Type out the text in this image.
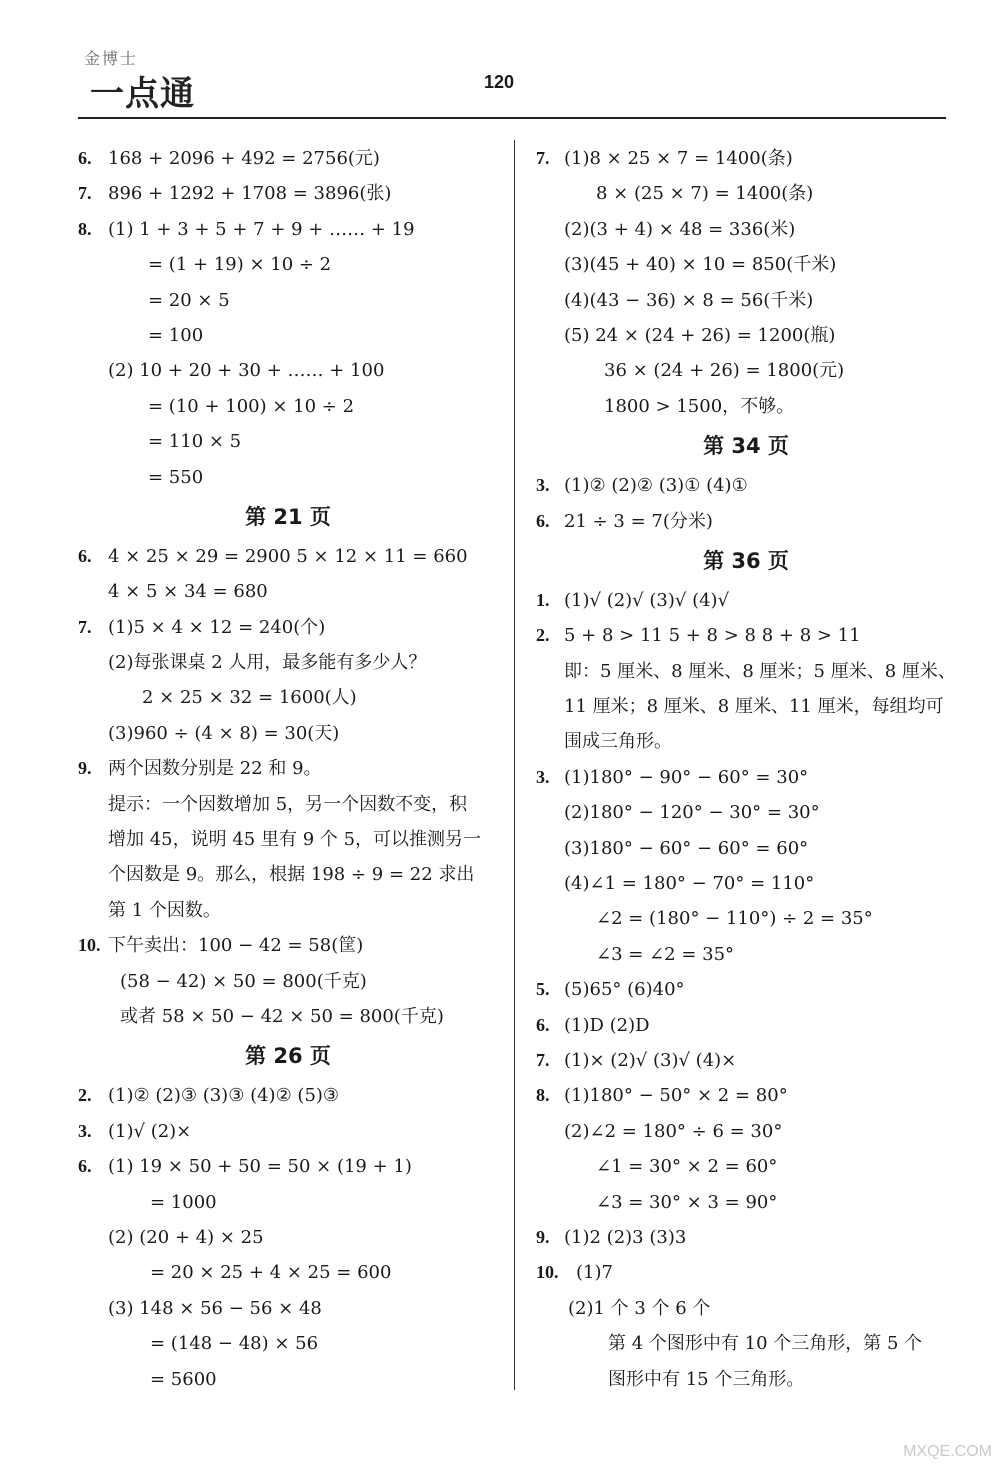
金博士
一点通	120
6. 168 + 2096 + 492 = 2756(元)
7. 896 + 1292 + 1708 = 3896(张)
8. (1) 1 + 3 + 5 + 7 + 9 + …… + 19
= (1 + 19) × 10 ÷ 2
= 20 × 5
= 100
(2) 10 + 20 + 30 + …… + 100
= (10 + 100) × 10 ÷ 2
= 110 × 5
= 550
第 21 页
6. 4 × 25 × 29 = 2900 5 × 12 × 11 = 660
4 × 5 × 34 = 680
7. (1)5 × 4 × 12 = 240(个)
(2)每张课桌 2 人用，最多能有多少人？
2 × 25 × 32 = 1600(人)
(3)960 ÷ (4 × 8) = 30(天)
9. 两个因数分别是 22 和 9。
提示：一个因数增加 5，另一个因数不变，积
增加 45，说明 45 里有 9 个 5，可以推测另一
个因数是 9。那么，根据 198 ÷ 9 = 22 求出
第 1 个因数。
10. 下午卖出：100 − 42 = 58(筐)
(58 − 42) × 50 = 800(千克)
或者 58 × 50 − 42 × 50 = 800(千克)
第 26 页
2. (1)② (2)③ (3)③ (4)② (5)③
3. (1)√ (2)×
6. (1) 19 × 50 + 50 = 50 × (19 + 1)
= 1000
(2) (20 + 4) × 25
= 20 × 25 + 4 × 25 = 600
(3) 148 × 56 − 56 × 48
= (148 − 48) × 56
= 5600
7. (1)8 × 25 × 7 = 1400(条)
8 × (25 × 7) = 1400(条)
(2)(3 + 4) × 48 = 336(米)
(3)(45 + 40) × 10 = 850(千米)
(4)(43 − 36) × 8 = 56(千米)
(5) 24 × (24 + 26) = 1200(瓶)
36 × (24 + 26) = 1800(元)
1800 > 1500，不够。
第 34 页
3. (1)② (2)② (3)① (4)①
6. 21 ÷ 3 = 7(分米)
第 36 页
1. (1)√ (2)√ (3)√ (4)√
2. 5 + 8 > 11 5 + 8 > 8 8 + 8 > 11
即：5 厘米、8 厘米、8 厘米；5 厘米、8 厘米、
11 厘米；8 厘米、8 厘米、11 厘米，每组均可
围成三角形。
3. (1)180° − 90° − 60° = 30°
(2)180° − 120° − 30° = 30°
(3)180° − 60° − 60° = 60°
(4)∠1 = 180° − 70° = 110°
∠2 = (180° − 110°) ÷ 2 = 35°
∠3 = ∠2 = 35°
5. (5)65° (6)40°
6. (1)D (2)D
7. (1)× (2)√ (3)√ (4)×
8. (1)180° − 50° × 2 = 80°
(2)∠2 = 180° ÷ 6 = 30°
∠1 = 30° × 2 = 60°
∠3 = 30° × 3 = 90°
9. (1)2 (2)3 (3)3
10. (1)7
(2)1 个 3 个 6 个
第 4 个图形中有 10 个三角形，第 5 个
图形中有 15 个三角形。
MXQE.COM
